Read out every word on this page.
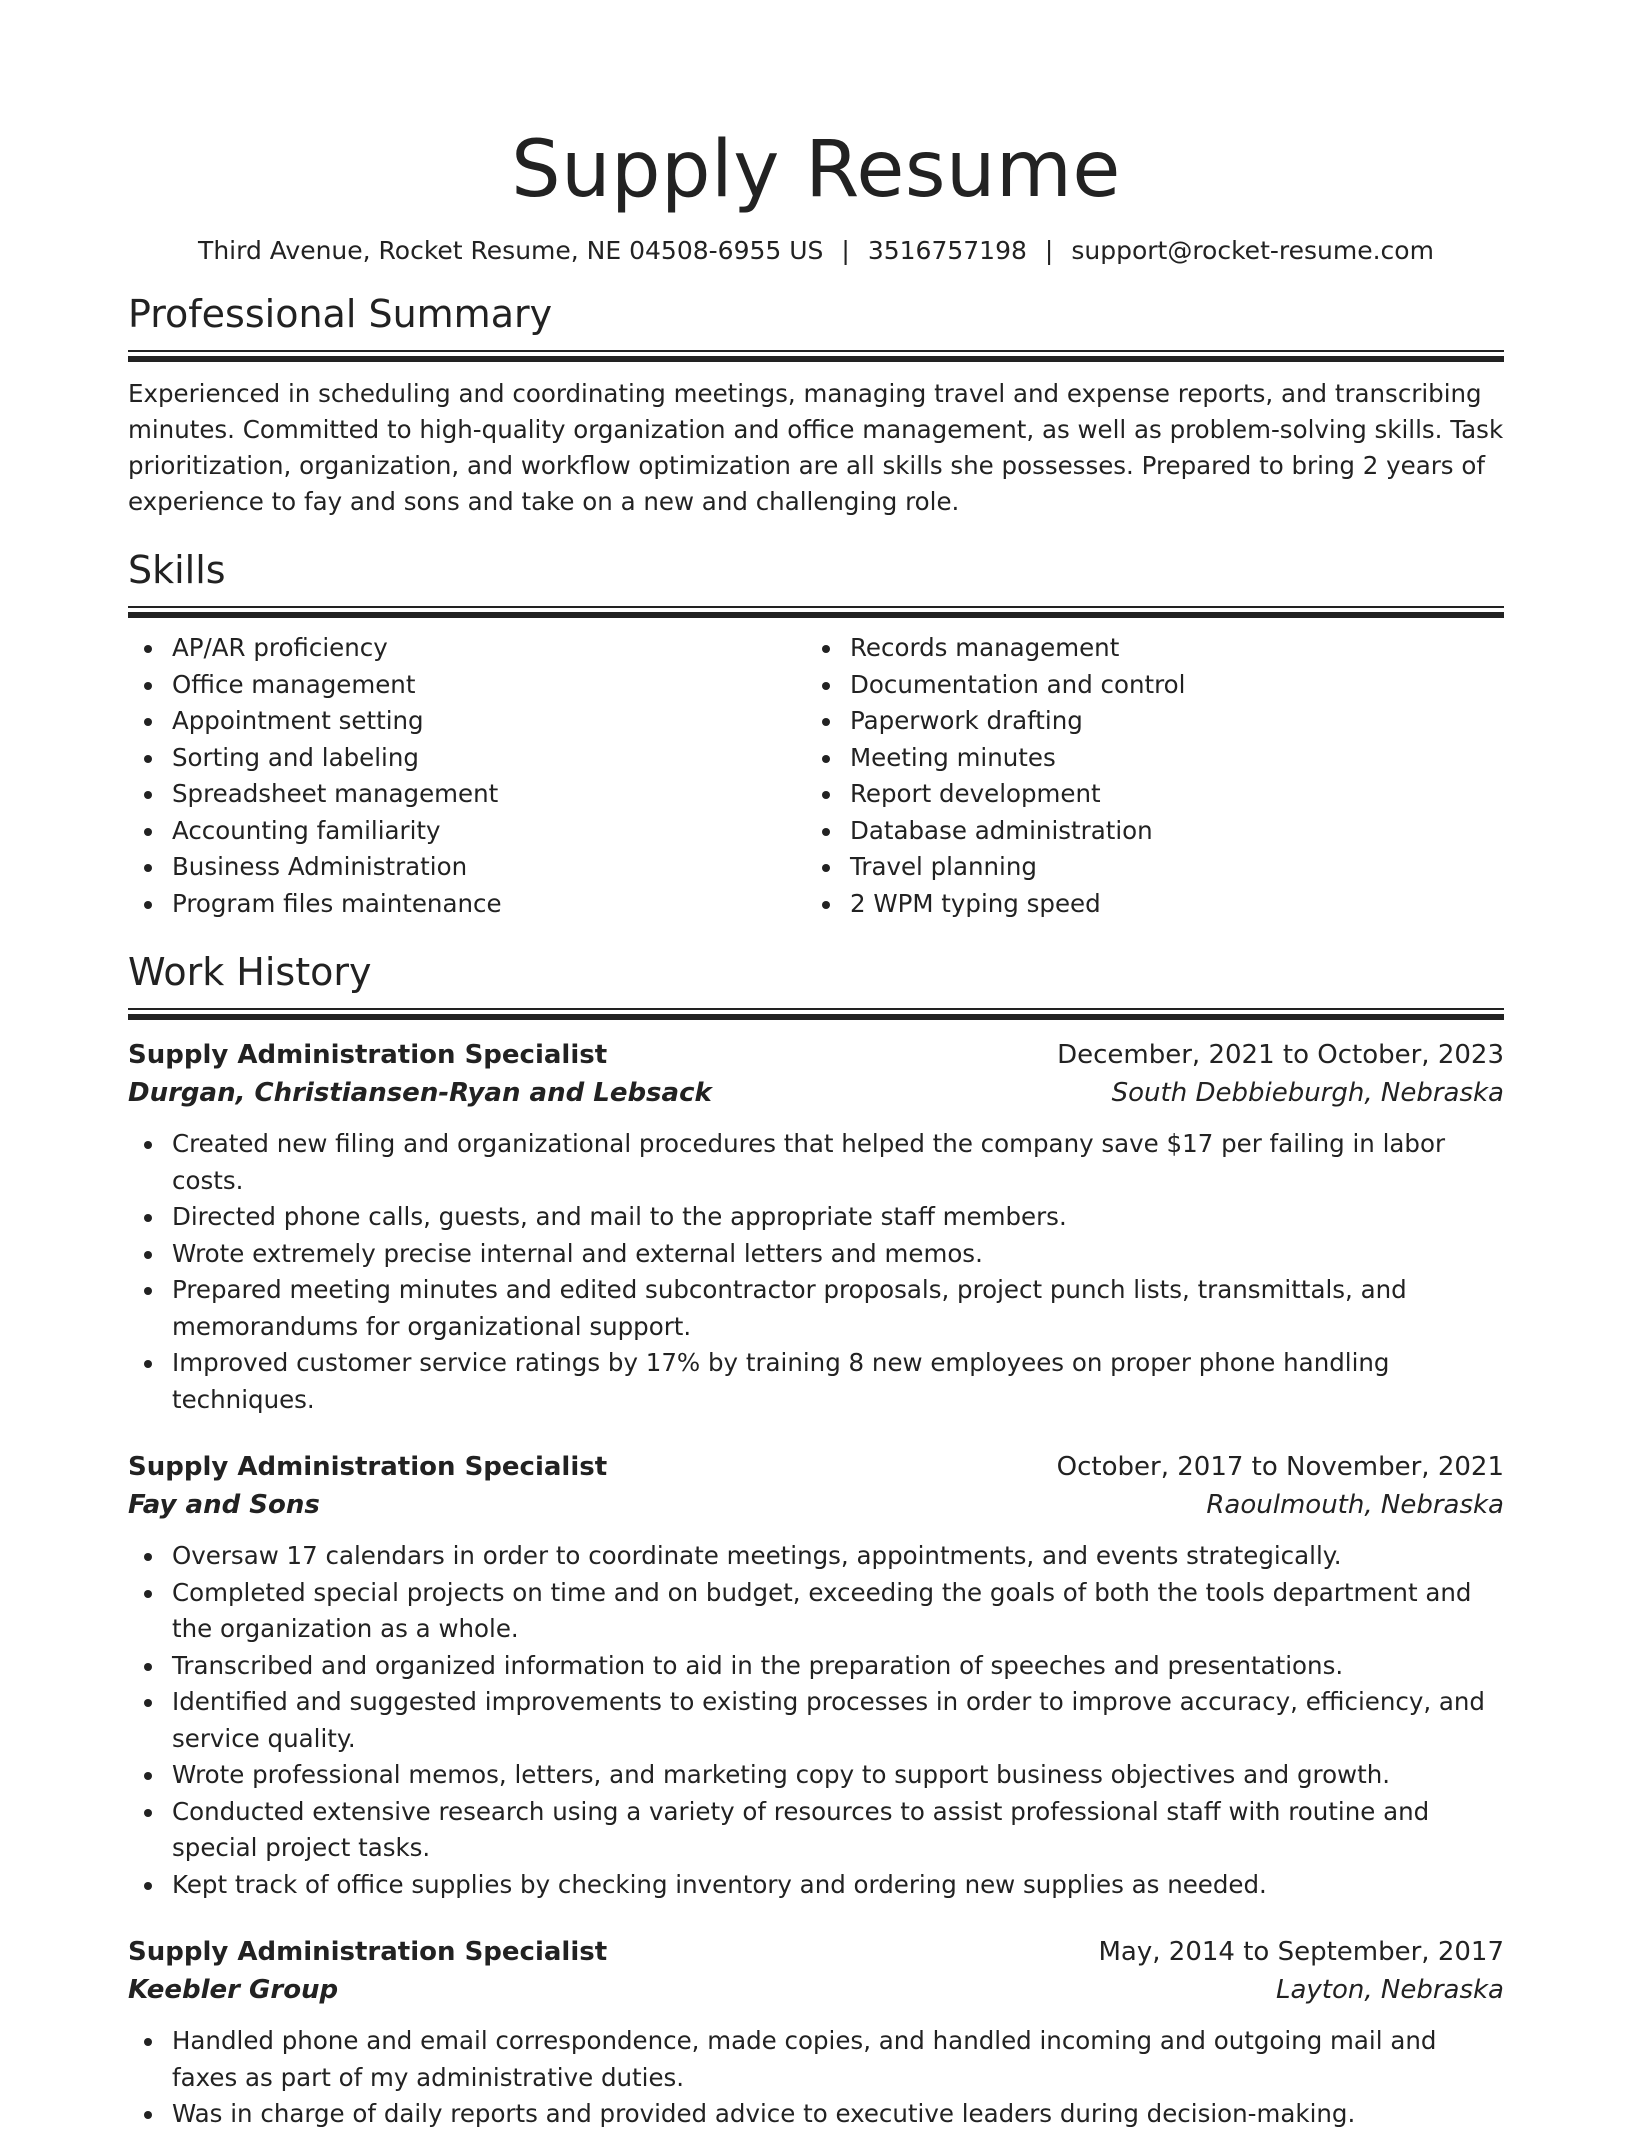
Supply Resume
Third Avenue, Rocket Resume, NE 04508-6955 US | 3516757198 | support@rocket-resume.com
Professional Summary

Experienced in scheduling and coordinating meetings, managing travel and expense reports, and transcribing minutes. Committed to high-quality organization and office management, as well as problem-solving skills. Task prioritization, organization, and workflow optimization are all skills she possesses. Prepared to bring 2 years of experience to fay and sons and take on a new and challenging role.

Skills
AP/AR proficiency
Office management
Appointment setting
Sorting and labeling
Spreadsheet management
Accounting familiarity
Business Administration
Program files maintenance
Records management
Documentation and control
Paperwork drafting
Meeting minutes
Report development
Database administration
Travel planning
2 WPM typing speed
Work History
Supply Administration Specialist	December, 2021 to October, 2023
Durgan, Christiansen-Ryan and Lebsack	South Debbieburgh, Nebraska
Created new filing and organizational procedures that helped the company save $17 per failing in labor costs.
Directed phone calls, guests, and mail to the appropriate staff members.
Wrote extremely precise internal and external letters and memos.
Prepared meeting minutes and edited subcontractor proposals, project punch lists, transmittals, and memorandums for organizational support.
Improved customer service ratings by 17% by training 8 new employees on proper phone handling techniques.
Supply Administration Specialist	October, 2017 to November, 2021
Fay and Sons	Raoulmouth, Nebraska
Oversaw 17 calendars in order to coordinate meetings, appointments, and events strategically.
Completed special projects on time and on budget, exceeding the goals of both the tools department and the organization as a whole.
Transcribed and organized information to aid in the preparation of speeches and presentations.
Identified and suggested improvements to existing processes in order to improve accuracy, efficiency, and service quality.
Wrote professional memos, letters, and marketing copy to support business objectives and growth.
Conducted extensive research using a variety of resources to assist professional staff with routine and special project tasks.
Kept track of office supplies by checking inventory and ordering new supplies as needed.
Supply Administration Specialist	May, 2014 to September, 2017
Keebler Group	Layton, Nebraska
Handled phone and email correspondence, made copies, and handled incoming and outgoing mail and faxes as part of my administrative duties.
Was in charge of daily reports and provided advice to executive leaders during decision-making.
